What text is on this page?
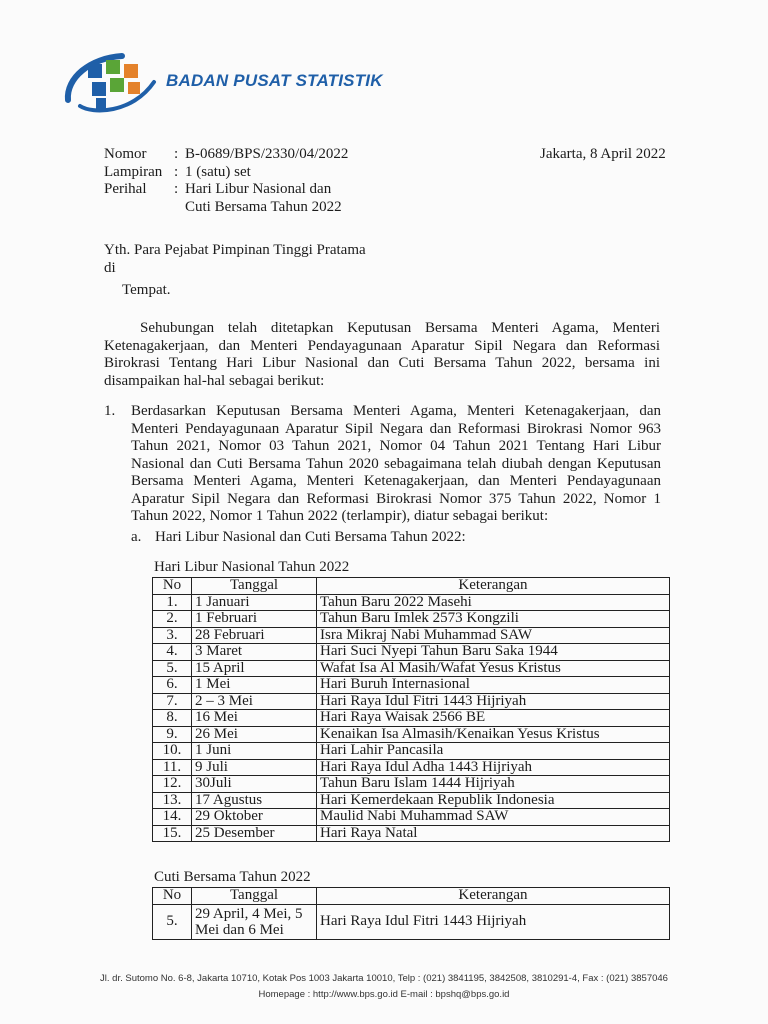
BADAN PUSAT STATISTIK
Nomor	: B-0689/BPS/2330/04/2022
Lampiran : 1 (satu) set
Perihal	: Hari Libur Nasional dan
Cuti Bersama Tahun 2022
Jakarta, 8 April 2022
Yth. Para Pejabat Pimpinan Tinggi Pratama
di
Tempat.
Sehubungan telah ditetapkan Keputusan Bersama Menteri Agama, Menteri Ketenagakerjaan, dan Menteri Pendayagunaan Aparatur Sipil Negara dan Reformasi Birokrasi Tentang Hari Libur Nasional dan Cuti Bersama Tahun 2022, bersama ini disampaikan hal-hal sebagai berikut:
1. Berdasarkan Keputusan Bersama Menteri Agama, Menteri Ketenagakerjaan, dan Menteri Pendayagunaan Aparatur Sipil Negara dan Reformasi Birokrasi Nomor 963 Tahun 2021, Nomor 03 Tahun 2021, Nomor 04 Tahun 2021 Tentang Hari Libur Nasional dan Cuti Bersama Tahun 2020 sebagaimana telah diubah dengan Keputusan Bersama Menteri Agama, Menteri Ketenagakerjaan, dan Menteri Pendayagunaan Aparatur Sipil Negara dan Reformasi Birokrasi Nomor 375 Tahun 2022, Nomor 1 Tahun 2022, Nomor 1 Tahun 2022 (terlampir), diatur sebagai berikut:
a. Hari Libur Nasional dan Cuti Bersama Tahun 2022:
Hari Libur Nasional Tahun 2022
No	Tanggal	Keterangan
1.	1 Januari	Tahun Baru 2022 Masehi
2.	1 Februari	Tahun Baru Imlek 2573 Kongzili
3.	28 Februari	Isra Mikraj Nabi Muhammad SAW
4.	3 Maret	Hari Suci Nyepi Tahun Baru Saka 1944
5.	15 April	Wafat Isa Al Masih/Wafat Yesus Kristus
6.	1 Mei	Hari Buruh Internasional
7.	2 – 3 Mei	Hari Raya Idul Fitri 1443 Hijriyah
8.	16 Mei	Hari Raya Waisak 2566 BE
9.	26 Mei	Kenaikan Isa Almasih/Kenaikan Yesus Kristus
10.	1 Juni	Hari Lahir Pancasila
11.	9 Juli	Hari Raya Idul Adha 1443 Hijriyah
12.	30Juli	Tahun Baru Islam 1444 Hijriyah
13.	17 Agustus	Hari Kemerdekaan Republik Indonesia
14.	29 Oktober	Maulid Nabi Muhammad SAW
15.	25 Desember	Hari Raya Natal
Cuti Bersama Tahun 2022
No	Tanggal	Keterangan
5.	29 April, 4 Mei, 5 Mei dan 6 Mei	Hari Raya Idul Fitri 1443 Hijriyah
Jl. dr. Sutomo No. 6-8, Jakarta 10710, Kotak Pos 1003 Jakarta 10010, Telp : (021) 3841195, 3842508, 3810291-4, Fax : (021) 3857046
Homepage : http://www.bps.go.id E-mail : bpshq@bps.go.id
